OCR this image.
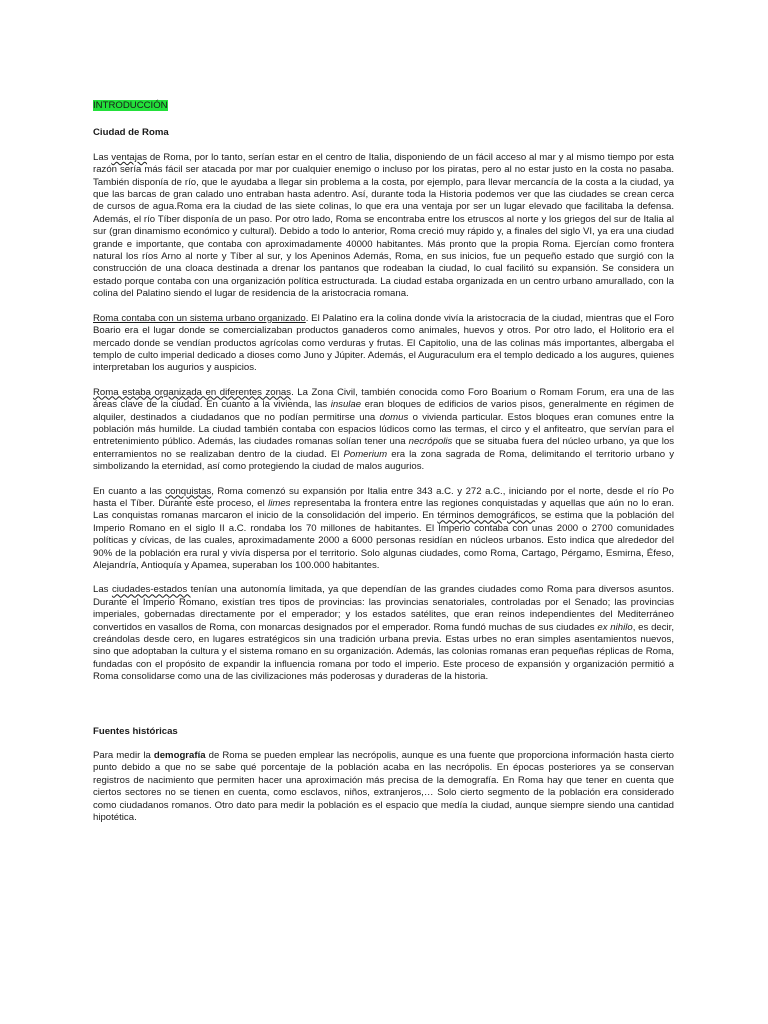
INTRODUCCIÓN
Ciudad de Roma

Las ventajas de Roma, por lo tanto, serían estar en el centro de Italia, disponiendo de un fácil acceso al mar y al mismo tiempo por esta razón sería más fácil ser atacada por mar por cualquier enemigo o incluso por los piratas, pero al no estar justo en la costa no pasaba. También disponía de río, que le ayudaba a llegar sin problema a la costa, por ejemplo, para llevar mercancía de la costa a la ciudad, ya que las barcas de gran calado uno entraban hasta adentro. Así, durante toda la Historia podemos ver que las ciudades se crean cerca de cursos de agua.Roma era la ciudad de las siete colinas, lo que era una ventaja por ser un lugar elevado que facilitaba la defensa. Además, el río Tíber disponía de un paso. Por otro lado, Roma se encontraba entre los etruscos al norte y los griegos del sur de Italia al sur (gran dinamismo económico y cultural). Debido a todo lo anterior, Roma creció muy rápido y, a finales del siglo VI, ya era una ciudad grande e importante, que contaba con aproximadamente 40000 habitantes. Más pronto que la propia Roma. Ejercían como frontera natural los ríos Arno al norte y Tíber al sur, y los Apeninos Además, Roma, en sus inicios, fue un pequeño estado que surgió con la construcción de una cloaca destinada a drenar los pantanos que rodeaban la ciudad, lo cual facilitó su expansión. Se considera un estado porque contaba con una organización política estructurada. La ciudad estaba organizada en un centro urbano amurallado, con la colina del Palatino siendo el lugar de residencia de la aristocracia romana.

Roma contaba con un sistema urbano organizado. El Palatino era la colina donde vivía la aristocracia de la ciudad, mientras que el Foro Boario era el lugar donde se comercializaban productos ganaderos como animales, huevos y otros. Por otro lado, el Holitorio era el mercado donde se vendían productos agrícolas como verduras y frutas. El Capitolio, una de las colinas más importantes, albergaba el templo de culto imperial dedicado a dioses como Juno y Júpiter. Además, el Auguraculum era el templo dedicado a los augures, quienes interpretaban los augurios y auspicios.

Roma estaba organizada en diferentes zonas. La Zona Civil, también conocida como Foro Boarium o Romam Forum, era una de las áreas clave de la ciudad. En cuanto a la vivienda, las insulae eran bloques de edificios de varios pisos, generalmente en régimen de alquiler, destinados a ciudadanos que no podían permitirse una domus o vivienda particular. Estos bloques eran comunes entre la población más humilde. La ciudad también contaba con espacios lúdicos como las termas, el circo y el anfiteatro, que servían para el entretenimiento público. Además, las ciudades romanas solían tener una necrópolis que se situaba fuera del núcleo urbano, ya que los enterramientos no se realizaban dentro de la ciudad. El Pomerium era la zona sagrada de Roma, delimitando el territorio urbano y simbolizando la eternidad, así como protegiendo la ciudad de malos augurios.

En cuanto a las conquistas, Roma comenzó su expansión por Italia entre 343 a.C. y 272 a.C., iniciando por el norte, desde el río Po hasta el Tíber. Durante este proceso, el limes representaba la frontera entre las regiones conquistadas y aquellas que aún no lo eran. Las conquistas romanas marcaron el inicio de la consolidación del imperio. En términos demográficos, se estima que la población del Imperio Romano en el siglo II a.C. rondaba los 70 millones de habitantes. El Imperio contaba con unas 2000 o 2700 comunidades políticas y cívicas, de las cuales, aproximadamente 2000 a 6000 personas residían en núcleos urbanos. Esto indica que alrededor del 90% de la población era rural y vivía dispersa por el territorio. Solo algunas ciudades, como Roma, Cartago, Pérgamo, Esmirna, Éfeso, Alejandría, Antioquía y Apamea, superaban los 100.000 habitantes.

Las ciudades-estados tenían una autonomía limitada, ya que dependían de las grandes ciudades como Roma para diversos asuntos. Durante el Imperio Romano, existían tres tipos de provincias: las provincias senatoriales, controladas por el Senado; las provincias imperiales, gobernadas directamente por el emperador; y los estados satélites, que eran reinos independientes del Mediterráneo convertidos en vasallos de Roma, con monarcas designados por el emperador. Roma fundó muchas de sus ciudades ex nihilo, es decir, creándolas desde cero, en lugares estratégicos sin una tradición urbana previa. Estas urbes no eran simples asentamientos nuevos, sino que adoptaban la cultura y el sistema romano en su organización. Además, las colonias romanas eran pequeñas réplicas de Roma, fundadas con el propósito de expandir la influencia romana por todo el imperio. Este proceso de expansión y organización permitió a Roma consolidarse como una de las civilizaciones más poderosas y duraderas de la historia.

Fuentes históricas

Para medir la demografía de Roma se pueden emplear las necrópolis, aunque es una fuente que proporciona información hasta cierto punto debido a que no se sabe qué porcentaje de la población acaba en las necrópolis. En épocas posteriores ya se conservan registros de nacimiento que permiten hacer una aproximación más precisa de la demografía. En Roma hay que tener en cuenta que ciertos sectores no se tienen en cuenta, como esclavos, niños, extranjeros,… Solo cierto segmento de la población era considerado como ciudadanos romanos. Otro dato para medir la población es el espacio que medía la ciudad, aunque siempre siendo una cantidad hipotética.
